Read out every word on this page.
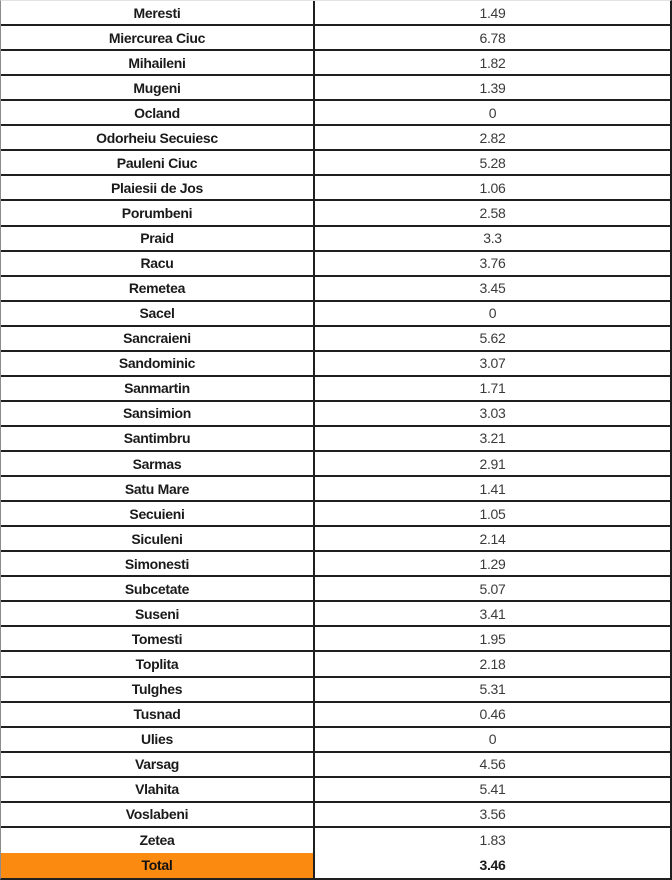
Meresti	1.49
Miercurea Ciuc	6.78
Mihaileni	1.82
Mugeni	1.39
Ocland	0
Odorheiu Secuiesc	2.82
Pauleni Ciuc	5.28
Plaiesii de Jos	1.06
Porumbeni	2.58
Praid	3.3
Racu	3.76
Remetea	3.45
Sacel	0
Sancraieni	5.62
Sandominic	3.07
Sanmartin	1.71
Sansimion	3.03
Santimbru	3.21
Sarmas	2.91
Satu Mare	1.41
Secuieni	1.05
Siculeni	2.14
Simonesti	1.29
Subcetate	5.07
Suseni	3.41
Tomesti	1.95
Toplita	2.18
Tulghes	5.31
Tusnad	0.46
Ulies	0
Varsag	4.56
Vlahita	5.41
Voslabeni	3.56
Zetea	1.83
Total	3.46
